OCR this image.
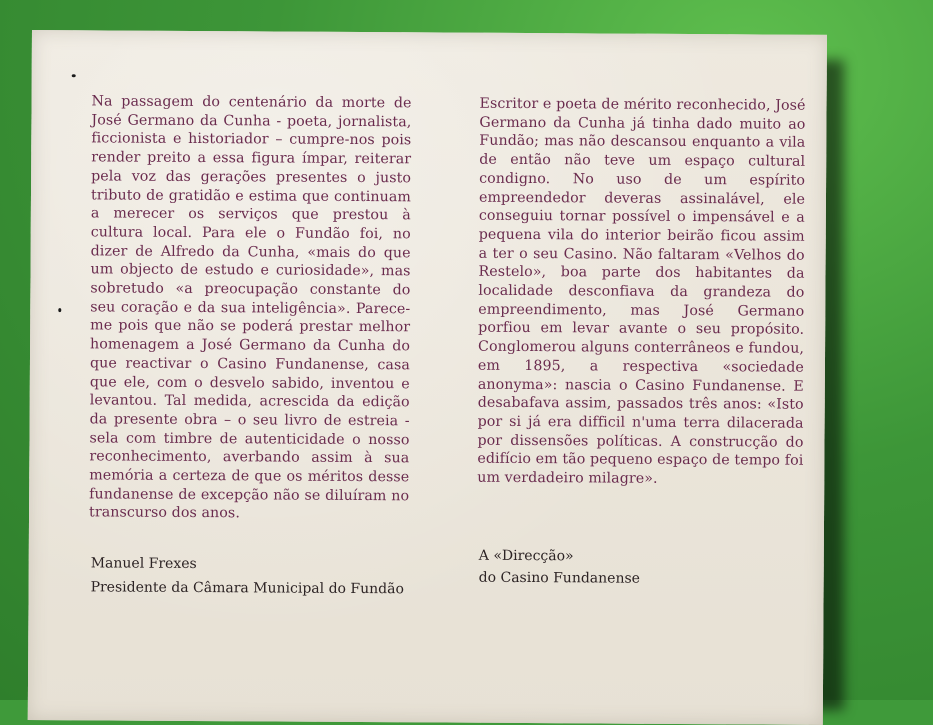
Na passagem do centenário da morte de José Germano da Cunha - poeta, jornalista, ficcionista e historiador – cumpre-nos pois render preito a essa figura ímpar, reiterar pela voz das gerações presentes o justo tributo de gratidão e estima que continuam a merecer os serviços que prestou à cultura local. Para ele o Fundão foi, no dizer de Alfredo da Cunha, «mais do que um objecto de estudo e curiosidade», mas sobretudo «a preocupação constante do seu coração e da sua inteligência». Parece-me pois que não se poderá prestar melhor homenagem a José Germano da Cunha do que reactivar o Casino Fundanense, casa que ele, com o desvelo sabido, inventou e levantou. Tal medida, acrescida da edição da presente obra – o seu livro de estreia - sela com timbre de autenticidade o nosso reconhecimento, averbando assim à sua memória a certeza de que os méritos desse fundanense de excepção não se diluíram no transcurso dos anos.
Escritor e poeta de mérito reconhecido, José Germano da Cunha já tinha dado muito ao Fundão; mas não descansou enquanto a vila de então não teve um espaço cultural condigno. No uso de um espírito empreendedor deveras assinalável, ele conseguiu tornar possível o impensável e a pequena vila do interior beirão ficou assim a ter o seu Casino. Não faltaram «Velhos do Restelo», boa parte dos habitantes da localidade desconfiava da grandeza do empreendimento, mas José Germano porfiou em levar avante o seu propósito. Conglomerou alguns conterrâneos e fundou, em 1895, a respectiva «sociedade anonyma»: nascia o Casino Fundanense. E desabafava assim, passados três anos: «Isto por si já era difficil n'uma terra dilacerada por dissensões políticas. A construcção do edifício em tão pequeno espaço de tempo foi um verdadeiro milagre».
Manuel Frexes
Presidente da Câmara Municipal do Fundão
A «Direcção»
do Casino Fundanense
